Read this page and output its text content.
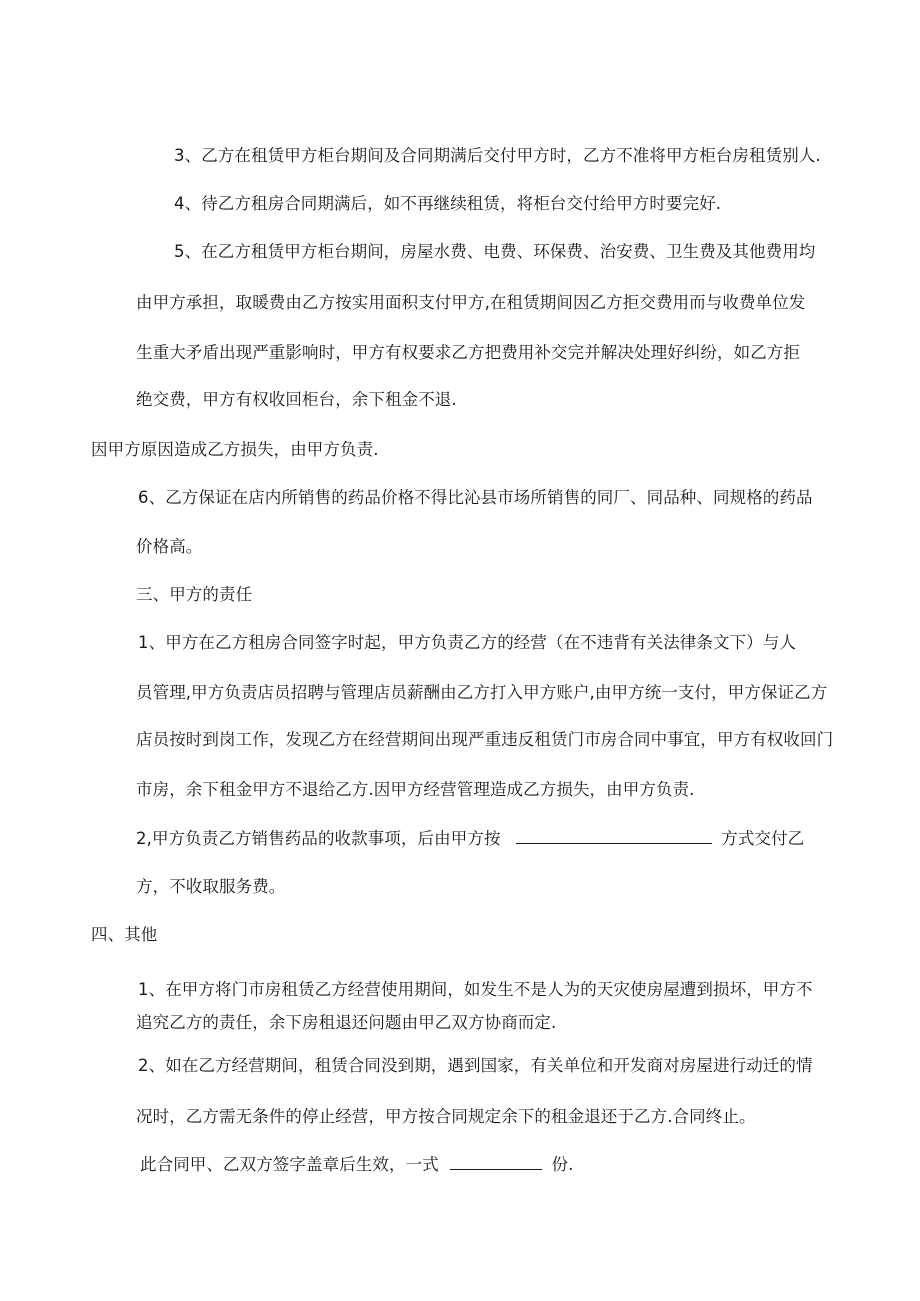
3、乙方在租赁甲方柜台期间及合同期满后交付甲方时，乙方不准将甲方柜台房租赁别人.
4、待乙方租房合同期满后，如不再继续租赁，将柜台交付给甲方时要完好.
5、在乙方租赁甲方柜台期间，房屋水费、电费、环保费、治安费、卫生费及其他费用均
由甲方承担，取暖费由乙方按实用面积支付甲方,在租赁期间因乙方拒交费用而与收费单位发
生重大矛盾出现严重影响时，甲方有权要求乙方把费用补交完并解决处理好纠纷，如乙方拒
绝交费，甲方有权收回柜台，余下租金不退.
因甲方原因造成乙方损失，由甲方负责.
6、乙方保证在店内所销售的药品价格不得比沁县市场所销售的同厂、同品种、同规格的药品
价格高。
三、甲方的责任
1、甲方在乙方租房合同签字时起，甲方负责乙方的经营（在不违背有关法律条文下）与人
员管理,甲方负责店员招聘与管理店员薪酬由乙方打入甲方账户,由甲方统一支付，甲方保证乙方
店员按时到岗工作，发现乙方在经营期间出现严重违反租赁门市房合同中事宜，甲方有权收回门
市房，余下租金甲方不退给乙方.因甲方经营管理造成乙方损失，由甲方负责.
2,甲方负责乙方销售药品的收款事项，后由甲方按	方式交付乙
方，不收取服务费。
四、其他
1、在甲方将门市房租赁乙方经营使用期间，如发生不是人为的天灾使房屋遭到损坏，甲方不
追究乙方的责任，余下房租退还问题由甲乙双方协商而定.
2、如在乙方经营期间，租赁合同没到期，遇到国家，有关单位和开发商对房屋进行动迁的情
况时，乙方需无条件的停止经营，甲方按合同规定余下的租金退还于乙方.合同终止。
此合同甲、乙双方签字盖章后生效，一式	份.
